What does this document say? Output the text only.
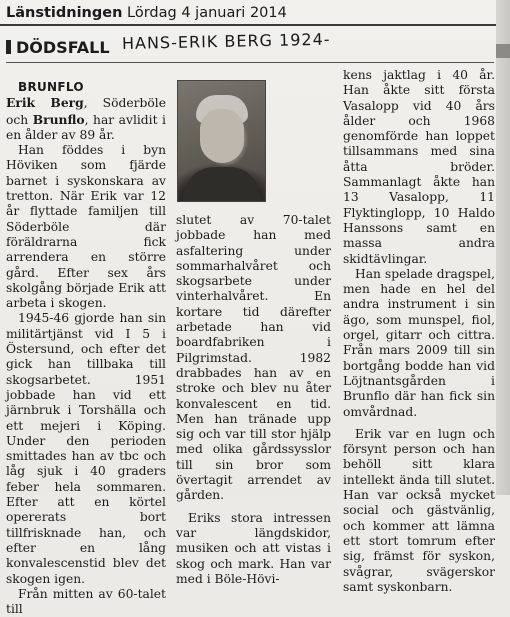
Länstidningen Lördag 4 januari 2014
DÖDSFALL HANS-ERIK BERG 1924-

BRUNFLO

Erik Berg, Söderböle och Brunflo, har avlidit i en ålder av 89 år.

Han föddes i byn Höviken som fjärde barnet i syskonskara av tretton. När Erik var 12 år flyttade familjen till Söderböle där föräldrarna fick arrendera en större gård. Efter sex års skolgång började Erik att arbeta i skogen.

1945-46 gjorde han sin militärtjänst vid I 5 i Östersund, och efter det gick han tillbaka till skogsarbetet. 1951 jobbade han vid ett järnbruk i Torshälla och ett mejeri i Köping. Under den perioden smittades han av tbc och låg sjuk i 40 graders feber hela sommaren. Efter att en körtel opererats bort tillfrisknade han, och efter en lång konvalescenstid blev det skogen igen.

Från mitten av 60-talet till

slutet av 70-talet jobbade han med asfaltering under sommarhalvåret och skogsarbete under vinterhalvåret. En kortare tid därefter arbetade han vid boardfabriken i Pilgrimstad. 1982 drabbades han av en stroke och blev nu åter konvalescent en tid. Men han tränade upp sig och var till stor hjälp med olika gårdssysslor till sin bror som övertagit arrendet av gården.

Eriks stora intressen var längdskidor, musiken och att vistas i skog och mark. Han var med i Böle-Hövi-

kens jaktlag i 40 år. Han åkte sitt första Vasalopp vid 40 års ålder och 1968 genomförde han loppet tillsammans med sina åtta bröder. Sammanlagt åkte han 13 Vasalopp, 11 Flyktinglopp, 10 Haldo Hanssons samt en massa andra skidtävlingar.

Han spelade dragspel, men hade en hel del andra instrument i sin ägo, som munspel, fiol, orgel, gitarr och cittra. Från mars 2009 till sin bortgång bodde han vid Löjtnantsgården i Brunflo där han fick sin omvårdnad.

Erik var en lugn och försynt person och han behöll sitt klara intellekt ända till slutet. Han var också mycket social och gästvänlig, och kommer att lämna ett stort tomrum efter sig, främst för syskon, svågrar, svägerskor samt syskonbarn.
